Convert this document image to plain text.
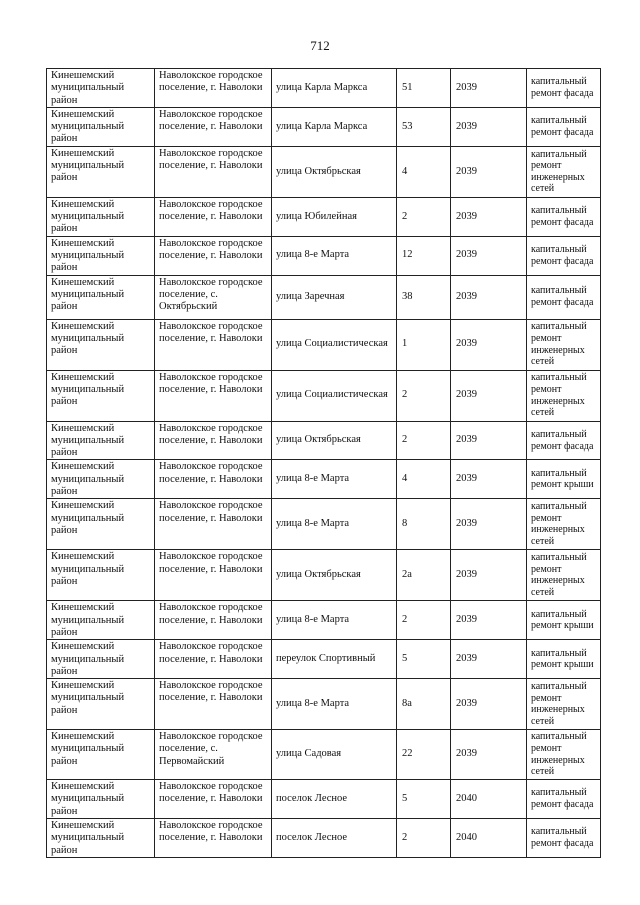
712
Кинешемский муниципальный район	Наволокское городское поселение, г. Наволоки	улица Карла Маркса	51	2039	капитальный ремонт фасада
Кинешемский муниципальный район	Наволокское городское поселение, г. Наволоки	улица Карла Маркса	53	2039	капитальный ремонт фасада
Кинешемский муниципальный район	Наволокское городское поселение, г. Наволоки	улица Октябрьская	4	2039	капитальный ремонт инженерных сетей
Кинешемский муниципальный район	Наволокское городское поселение, г. Наволоки	улица Юбилейная	2	2039	капитальный ремонт фасада
Кинешемский муниципальный район	Наволокское городское поселение, г. Наволоки	улица 8-е Марта	12	2039	капитальный ремонт фасада
Кинешемский муниципальный район	Наволокское городское поселение, с. Октябрьский	улица Заречная	38	2039	капитальный ремонт фасада
Кинешемский муниципальный район	Наволокское городское поселение, г. Наволоки	улица Социалистическая	1	2039	капитальный ремонт инженерных сетей
Кинешемский муниципальный район	Наволокское городское поселение, г. Наволоки	улица Социалистическая	2	2039	капитальный ремонт инженерных сетей
Кинешемский муниципальный район	Наволокское городское поселение, г. Наволоки	улица Октябрьская	2	2039	капитальный ремонт фасада
Кинешемский муниципальный район	Наволокское городское поселение, г. Наволоки	улица 8-е Марта	4	2039	капитальный ремонт крыши
Кинешемский муниципальный район	Наволокское городское поселение, г. Наволоки	улица 8-е Марта	8	2039	капитальный ремонт инженерных сетей
Кинешемский муниципальный район	Наволокское городское поселение, г. Наволоки	улица Октябрьская	2а	2039	капитальный ремонт инженерных сетей
Кинешемский муниципальный район	Наволокское городское поселение, г. Наволоки	улица 8-е Марта	2	2039	капитальный ремонт крыши
Кинешемский муниципальный район	Наволокское городское поселение, г. Наволоки	переулок Спортивный	5	2039	капитальный ремонт крыши
Кинешемский муниципальный район	Наволокское городское поселение, г. Наволоки	улица 8-е Марта	8а	2039	капитальный ремонт инженерных сетей
Кинешемский муниципальный район	Наволокское городское поселение, с. Первомайский	улица Садовая	22	2039	капитальный ремонт инженерных сетей
Кинешемский муниципальный район	Наволокское городское поселение, г. Наволоки	поселок Лесное	5	2040	капитальный ремонт фасада
Кинешемский муниципальный район	Наволокское городское поселение, г. Наволоки	поселок Лесное	2	2040	капитальный ремонт фасада
